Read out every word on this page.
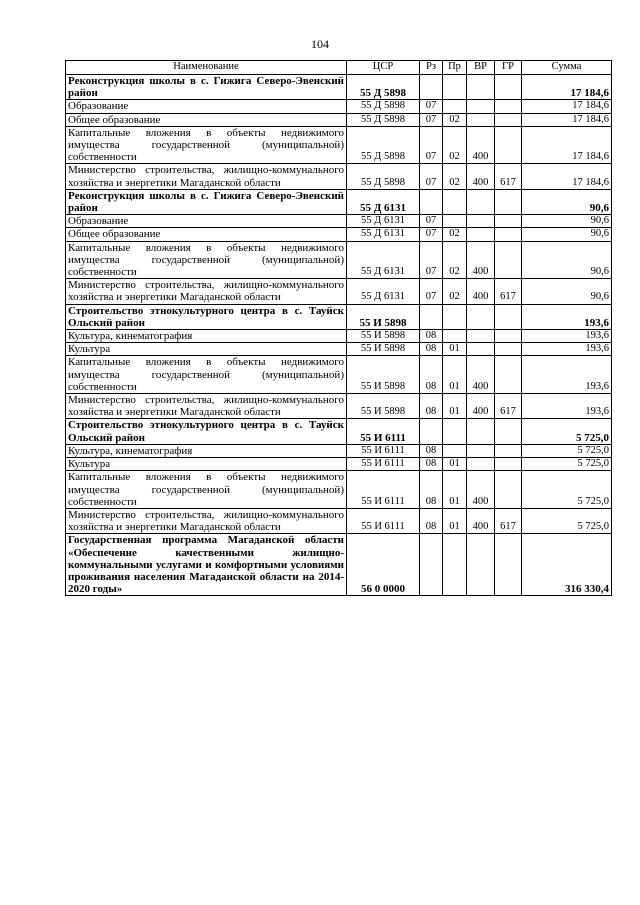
104
Наименование	ЦСР	Рз	Пр	ВР	ГР	Сумма
Реконструкция школы в с. Гижига Северо-Эвенский район	55 Д 5898					17 184,6
Образование	55 Д 5898	07				17 184,6
Общее образование	55 Д 5898	07	02			17 184,6
Капитальные вложения в объекты недвижимого имущества государственной (муниципальной) собственности	55 Д 5898	07	02	400		17 184,6
Министерство строительства, жилищно-коммунального хозяйства и энергетики Магаданской области	55 Д 5898	07	02	400	617	17 184,6
Реконструкция школы в с. Гижига Северо-Эвенский район	55 Д 6131					90,6
Образование	55 Д 6131	07				90,6
Общее образование	55 Д 6131	07	02			90,6
Капитальные вложения в объекты недвижимого имущества государственной (муниципальной) собственности	55 Д 6131	07	02	400		90,6
Министерство строительства, жилищно-коммунального хозяйства и энергетики Магаданской области	55 Д 6131	07	02	400	617	90,6
Строительство этнокультурного центра в с. Тауйск Ольский район	55 И 5898					193,6
Культура, кинематография	55 И 5898	08				193,6
Культура	55 И 5898	08	01			193,6
Капитальные вложения в объекты недвижимого имущества государственной (муниципальной) собственности	55 И 5898	08	01	400		193,6
Министерство строительства, жилищно-коммунального хозяйства и энергетики Магаданской области	55 И 5898	08	01	400	617	193,6
Строительство этнокультурного центра в с. Тауйск Ольский район	55 И 6111					5 725,0
Культура, кинематография	55 И 6111	08				5 725,0
Культура	55 И 6111	08	01			5 725,0
Капитальные вложения в объекты недвижимого имущества государственной (муниципальной) собственности	55 И 6111	08	01	400		5 725,0
Министерство строительства, жилищно-коммунального хозяйства и энергетики Магаданской области	55 И 6111	08	01	400	617	5 725,0
Государственная программа Магаданской области «Обеспечение качественными жилищно-коммунальными услугами и комфортными условиями проживания населения Магаданской области на 2014-2020 годы»	56 0 0000					316 330,4
